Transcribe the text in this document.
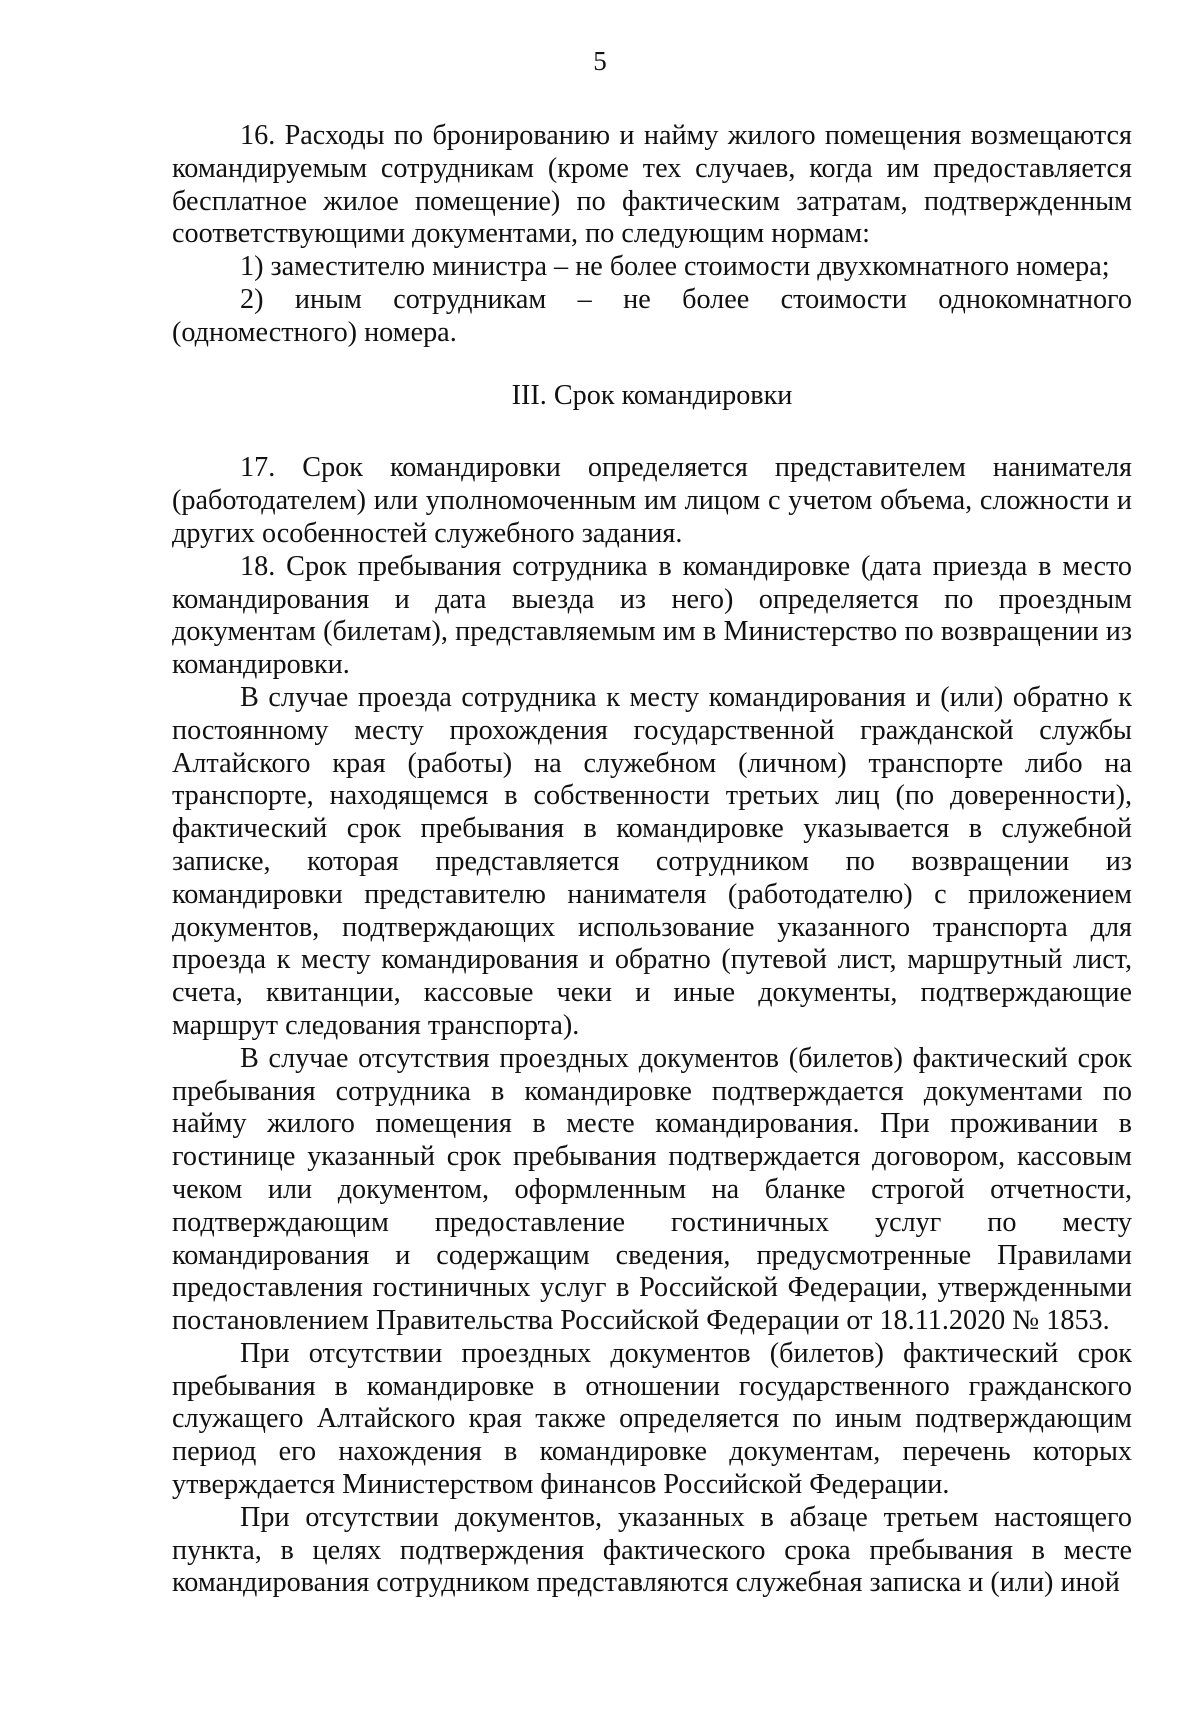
5

16. Расходы по бронированию и найму жилого помещения возмещаются командируемым сотрудникам (кроме тех случаев, когда им предоставляется бесплатное жилое помещение) по фактическим затратам, подтвержденным соответствующими документами, по следующим нормам:

1) заместителю министра – не более стоимости двухкомнатного номера;

2) иным сотрудникам – не более стоимости однокомнатного (одноместного) номера.

III. Срок командировки

17. Срок командировки определяется представителем нанимателя (работодателем) или уполномоченным им лицом с учетом объема, сложности и других особенностей служебного задания.

18. Срок пребывания сотрудника в командировке (дата приезда в место командирования и дата выезда из него) определяется по проездным документам (билетам), представляемым им в Министерство по возвращении из командировки.

В случае проезда сотрудника к месту командирования и (или) обратно к постоянному месту прохождения государственной гражданской службы Алтайского края (работы) на служебном (личном) транспорте либо на транспорте, находящемся в собственности третьих лиц (по доверенности), фактический срок пребывания в командировке указывается в служебной записке, которая представляется сотрудником по возвращении из командировки представителю нанимателя (работодателю) с приложением документов, подтверждающих использование указанного транспорта для проезда к месту командирования и обратно (путевой лист, маршрутный лист, счета, квитанции, кассовые чеки и иные документы, подтверждающие маршрут следования транспорта).

В случае отсутствия проездных документов (билетов) фактический срок пребывания сотрудника в командировке подтверждается документами по найму жилого помещения в месте командирования. При проживании в гостинице указанный срок пребывания подтверждается договором, кассовым чеком или документом, оформленным на бланке строгой отчетности, подтверждающим предоставление гостиничных услуг по месту командирования и содержащим сведения, предусмотренные Правилами предоставления гостиничных услуг в Российской Федерации, утвержденными постановлением Правительства Российской Федерации от 18.11.2020 № 1853.

При отсутствии проездных документов (билетов) фактический срок пребывания в командировке в отношении государственного гражданского служащего Алтайского края также определяется по иным подтверждающим период его нахождения в командировке документам, перечень которых утверждается Министерством финансов Российской Федерации.

При отсутствии документов, указанных в абзаце третьем настоящего пункта, в целях подтверждения фактического срока пребывания в месте командирования сотрудником представляются служебная записка и (или) иной
